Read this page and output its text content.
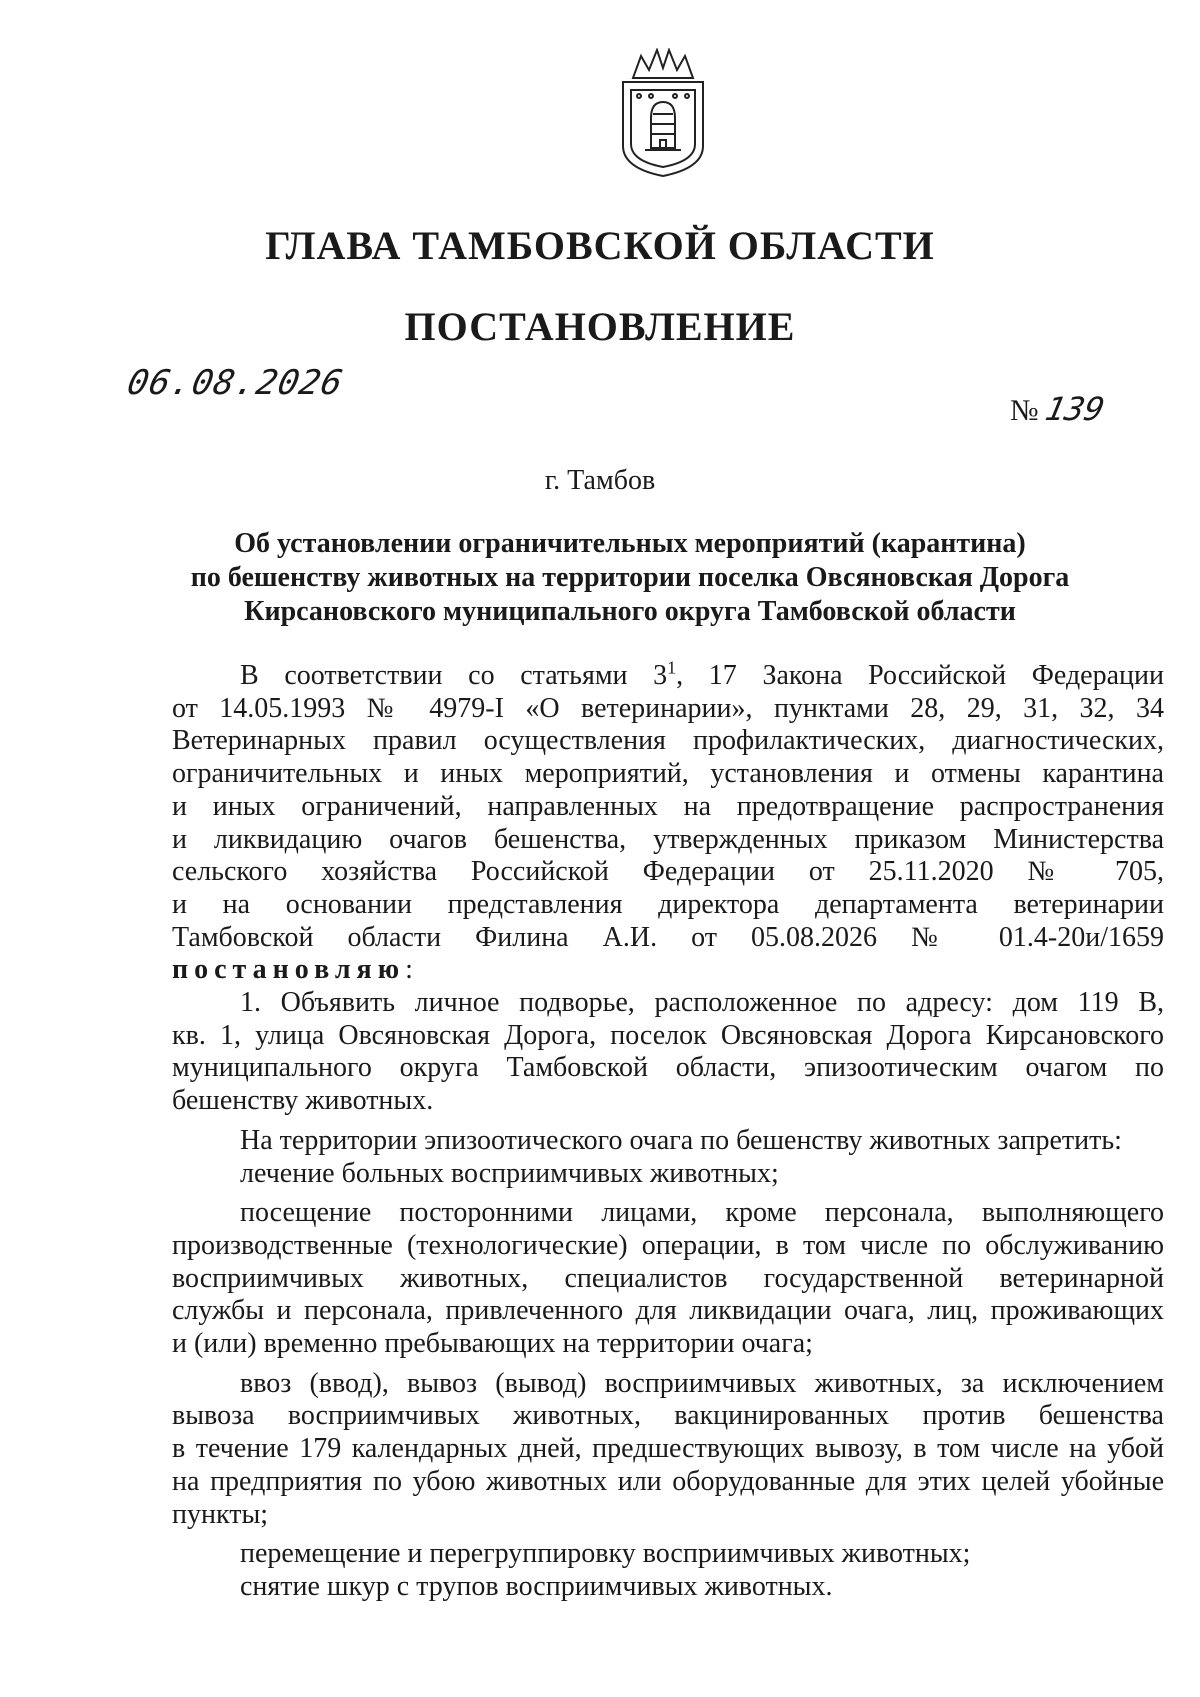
ГЛАВА ТАМБОВСКОЙ ОБЛАСТИ
ПОСТАНОВЛЕНИЕ
06.08.2026
№ 139
г. Тамбов
Об установлении ограничительных мероприятий (карантина)
по бешенству животных на территории поселка Овсяновская Дорога
Кирсановского муниципального округа Тамбовской области
В соответствии со статьями $3^1$, 17 Закона Российской Федерации
от 14.05.1993 № 4979-I «О ветеринарии», пунктами 28, 29, 31, 32, 34
Ветеринарных правил осуществления профилактических, диагностических,
ограничительных и иных мероприятий, установления и отмены карантина
и иных ограничений, направленных на предотвращение распространения
и ликвидацию очагов бешенства, утвержденных приказом Министерства
сельского хозяйства Российской Федерации от 25.11.2020 № 705,
и на основании представления директора департамента ветеринарии
Тамбовской области Филина А.И. от 05.08.2026 № 01.4-20и/1659
постановляю:
1. Объявить личное подворье, расположенное по адресу: дом 119 В,
кв. 1, улица Овсяновская Дорога, поселок Овсяновская Дорога Кирсановского
муниципального округа Тамбовской области, эпизоотическим очагом по
бешенству животных.
На территории эпизоотического очага по бешенству животных запретить:
лечение больных восприимчивых животных;
посещение посторонними лицами, кроме персонала, выполняющего
производственные (технологические) операции, в том числе по обслуживанию
восприимчивых животных, специалистов государственной ветеринарной
службы и персонала, привлеченного для ликвидации очага, лиц, проживающих
и (или) временно пребывающих на территории очага;
ввоз (ввод), вывоз (вывод) восприимчивых животных, за исключением
вывоза восприимчивых животных, вакцинированных против бешенства
в течение 179 календарных дней, предшествующих вывозу, в том числе на убой
на предприятия по убою животных или оборудованные для этих целей убойные
пункты;
перемещение и перегруппировку восприимчивых животных;
снятие шкур с трупов восприимчивых животных.
